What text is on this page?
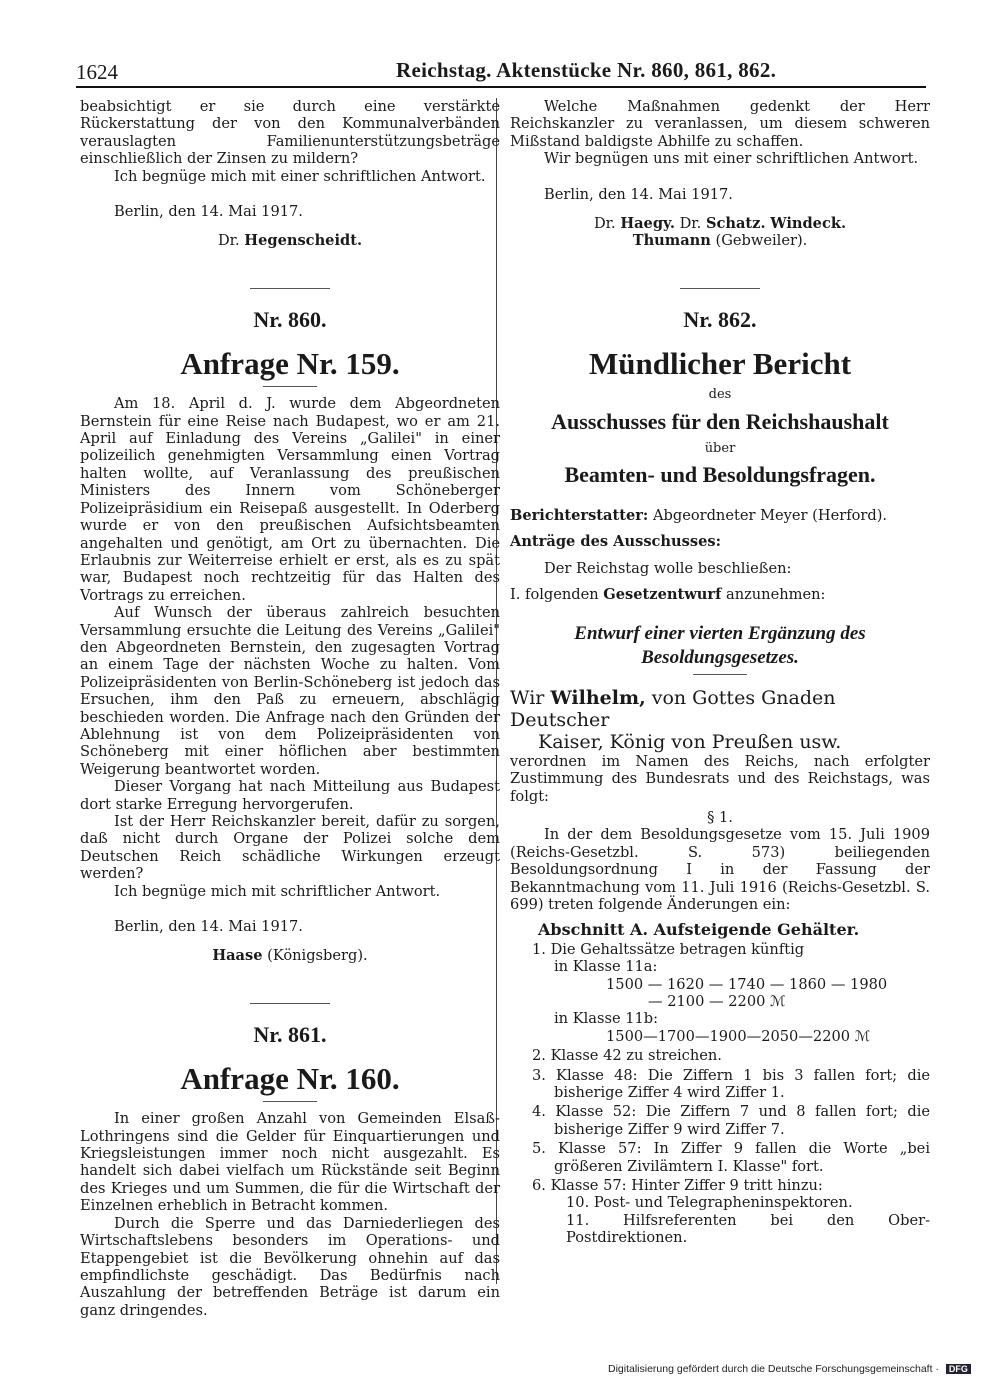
1624	Reichstag. Aktenstücke Nr. 860, 861, 862.

beabsichtigt er sie durch eine verstärkte Rückerstattung der von den Kommunalverbänden verauslagten Familienunterstützungsbeträge einschließlich der Zinsen zu mildern?

Ich begnüge mich mit einer schriftlichen Antwort.

Berlin, den 14. Mai 1917.

Dr. Hegenscheidt.
Nr. 860.
Anfrage Nr. 159.

Am 18. April d. J. wurde dem Abgeordneten Bernstein für eine Reise nach Budapest, wo er am 21. April auf Einladung des Vereins „Galilei" in einer polizeilich genehmigten Versammlung einen Vortrag halten wollte, auf Veranlassung des preußischen Ministers des Innern vom Schöneberger Polizeipräsidium ein Reisepaß ausgestellt. In Oderberg wurde er von den preußischen Aufsichtsbeamten angehalten und genötigt, am Ort zu übernachten. Die Erlaubnis zur Weiterreise erhielt er erst, als es zu spät war, Budapest noch rechtzeitig für das Halten des Vortrags zu erreichen.

Auf Wunsch der überaus zahlreich besuchten Versammlung ersuchte die Leitung des Vereins „Galilei" den Abgeordneten Bernstein, den zugesagten Vortrag an einem Tage der nächsten Woche zu halten. Vom Polizeipräsidenten von Berlin-Schöneberg ist jedoch das Ersuchen, ihm den Paß zu erneuern, abschlägig beschieden worden. Die Anfrage nach den Gründen der Ablehnung ist von dem Polizeipräsidenten von Schöneberg mit einer höflichen aber bestimmten Weigerung beantwortet worden.

Dieser Vorgang hat nach Mitteilung aus Budapest dort starke Erregung hervorgerufen.

Ist der Herr Reichskanzler bereit, dafür zu sorgen, daß nicht durch Organe der Polizei solche dem Deutschen Reich schädliche Wirkungen erzeugt werden?

Ich begnüge mich mit schriftlicher Antwort.

Berlin, den 14. Mai 1917.

Haase (Königsberg).
Nr. 861.
Anfrage Nr. 160.

In einer großen Anzahl von Gemeinden Elsaß-Lothringens sind die Gelder für Einquartierungen und Kriegsleistungen immer noch nicht ausgezahlt. Es handelt sich dabei vielfach um Rückstände seit Beginn des Krieges und um Summen, die für die Wirtschaft der Einzelnen erheblich in Betracht kommen.

Durch die Sperre und das Darniederliegen des Wirtschaftslebens besonders im Operations- und Etappengebiet ist die Bevölkerung ohnehin auf das empfindlichste geschädigt. Das Bedürfnis nach Auszahlung der betreffenden Beträge ist darum ein ganz dringendes.

Welche Maßnahmen gedenkt der Herr Reichskanzler zu veranlassen, um diesem schweren Mißstand baldigste Abhilfe zu schaffen.

Wir begnügen uns mit einer schriftlichen Antwort.

Berlin, den 14. Mai 1917.

Dr. Haegy. Dr. Schatz. Windeck.
Thumann (Gebweiler).
Nr. 862.
Mündlicher Bericht
des
Ausschusses für den Reichshaushalt
über
Beamten- und Besoldungsfragen.

Berichterstatter: Abgeordneter Meyer (Herford).

Anträge des Ausschusses:

Der Reichstag wolle beschließen:

I. folgenden Gesetzentwurf anzunehmen:

Entwurf einer vierten Ergänzung des Besoldungsgesetzes.
Wir Wilhelm, von Gottes Gnaden Deutscher
Kaiser, König von Preußen usw.

verordnen im Namen des Reichs, nach erfolgter Zustimmung des Bundesrats und des Reichstags, was folgt:

§ 1.

In der dem Besoldungsgesetze vom 15. Juli 1909 (Reichs-Gesetzbl. S. 573) beiliegenden Besoldungsordnung I in der Fassung der Bekanntmachung vom 11. Juli 1916 (Reichs-Gesetzbl. S. 699) treten folgende Änderungen ein:

Abschnitt A. Aufsteigende Gehälter.

1. Die Gehaltssätze betragen künftig

in Klasse 11a:

1500 — 1620 — 1740 — 1860 — 1980

— 2100 — 2200 ℳ

in Klasse 11b:

1500—1700—1900—2050—2200 ℳ

2. Klasse 42 zu streichen.

3. Klasse 48: Die Ziffern 1 bis 3 fallen fort; die bisherige Ziffer 4 wird Ziffer 1.

4. Klasse 52: Die Ziffern 7 und 8 fallen fort; die bisherige Ziffer 9 wird Ziffer 7.

5. Klasse 57: In Ziffer 9 fallen die Worte „bei größeren Zivilämtern I. Klasse" fort.

6. Klasse 57: Hinter Ziffer 9 tritt hinzu:

10. Post- und Telegrapheninspektoren.

11. Hilfsreferenten bei den Ober-Postdirektionen.

Digitalisierung gefördert durch die Deutsche Forschungsgemeinschaft · DFG
